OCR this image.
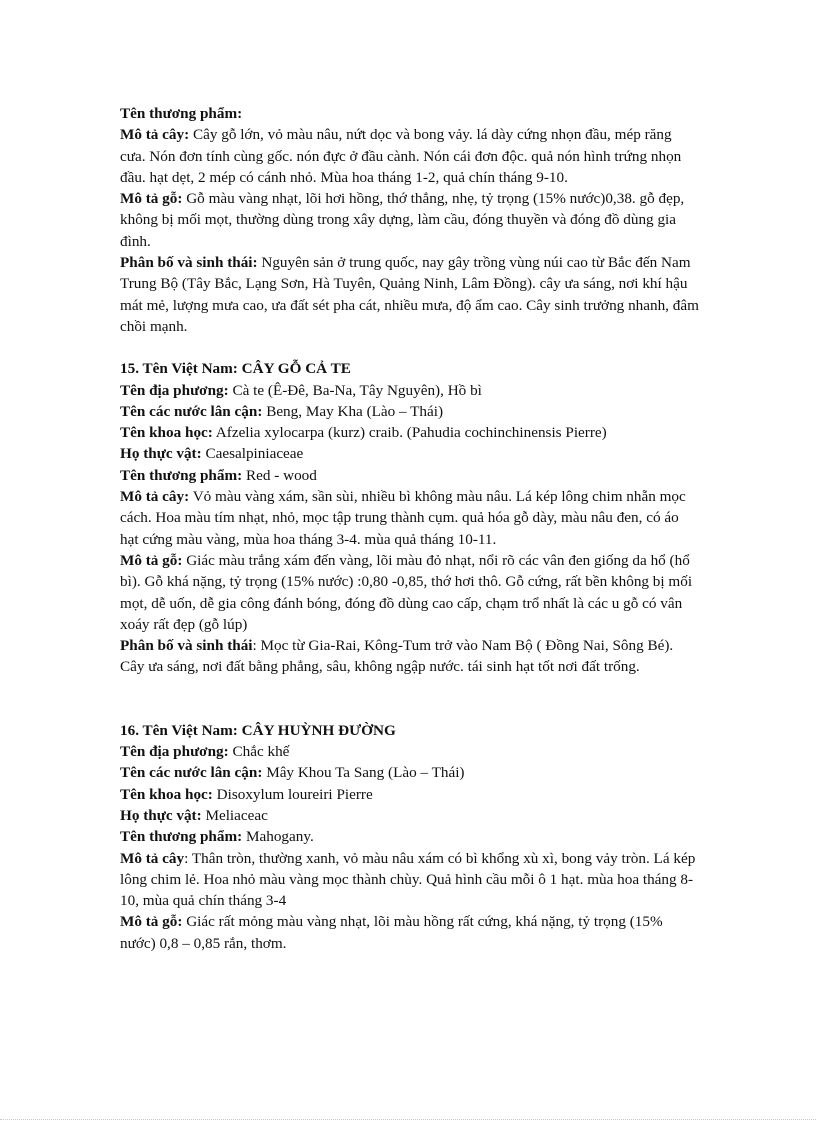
Tên thương phẩm:

Mô tả cây: Cây gỗ lớn, vỏ màu nâu, nứt dọc và bong vảy. lá dày cứng nhọn đầu, mép răng cưa. Nón đơn tính cùng gốc. nón đực ở đầu cành. Nón cái đơn độc. quả nón hình trứng nhọn đầu. hạt dẹt, 2 mép có cánh nhỏ. Mùa hoa tháng 1-2, quả chín tháng 9-10.

Mô tả gỗ: Gỗ màu vàng nhạt, lõi hơi hồng, thớ thẳng, nhẹ, tỷ trọng (15% nước)0,38. gỗ đẹp, không bị mối mọt, thường dùng trong xây dựng, làm cầu, đóng thuyền và đóng đồ dùng gia đình.

Phân bố và sinh thái: Nguyên sản ở trung quốc, nay gây trồng vùng núi cao từ Bắc đến Nam Trung Bộ (Tây Bắc, Lạng Sơn, Hà Tuyên, Quảng Ninh, Lâm Đồng). cây ưa sáng, nơi khí hậu mát mẻ, lượng mưa cao, ưa đất sét pha cát, nhiều mưa, độ ẩm cao. Cây sinh trưởng nhanh, đâm chồi mạnh.

15. Tên Việt Nam: CÂY GỖ CẢ TE

Tên địa phương: Cà te (Ê-Đê, Ba-Na, Tây Nguyên), Hồ bì

Tên các nước lân cận: Beng, May Kha (Lào – Thái)

Tên khoa học: Afzelia xylocarpa (kurz) craib. (Pahudia cochinchinensis Pierre)

Họ thực vật: Caesalpiniaceae

Tên thương phẩm: Red - wood

Mô tả cây: Vỏ màu vàng xám, sần sùi, nhiều bì không màu nâu. Lá kép lông chim nhẵn mọc cách. Hoa màu tím nhạt, nhỏ, mọc tập trung thành cụm. quả hóa gỗ dày, màu nâu đen, có áo hạt cứng màu vàng, mùa hoa tháng 3-4. mùa quả tháng 10-11.

Mô tả gỗ: Giác màu trắng xám đến vàng, lõi màu đỏ nhạt, nổi rõ các vân đen giống da hổ (hổ bì). Gỗ khá nặng, tỷ trọng (15% nước) :0,80 -0,85, thớ hơi thô. Gỗ cứng, rất bền không bị mối mọt, dễ uốn, dễ gia công đánh bóng, đóng đồ dùng cao cấp, chạm trổ nhất là các u gỗ có vân xoáy rất đẹp (gỗ lúp)

Phân bố và sinh thái: Mọc từ Gia-Rai, Kông-Tum trở vào Nam Bộ ( Đồng Nai, Sông Bé). Cây ưa sáng, nơi đất bằng phẳng, sâu, không ngập nước. tái sinh hạt tốt nơi đất trống.

16. Tên Việt Nam: CÂY HUỲNH ĐƯỜNG

Tên địa phương: Chắc khế

Tên các nước lân cận: Mây Khou Ta Sang (Lào – Thái)

Tên khoa học: Disoxylum loureiri Pierre

Họ thực vật: Meliaceac

Tên thương phẩm: Mahogany.

Mô tả cây: Thân tròn, thường xanh, vỏ màu nâu xám có bì khổng xù xì, bong vảy tròn. Lá kép lông chim lẻ. Hoa nhỏ màu vàng mọc thành chùy. Quả hình cầu mỗi ô 1 hạt. mùa hoa tháng 8-10, mùa quả chín tháng 3-4

Mô tả gỗ: Giác rất mỏng màu vàng nhạt, lõi màu hồng rất cứng, khá nặng, tỷ trọng (15% nước) 0,8 – 0,85 rắn, thơm.
